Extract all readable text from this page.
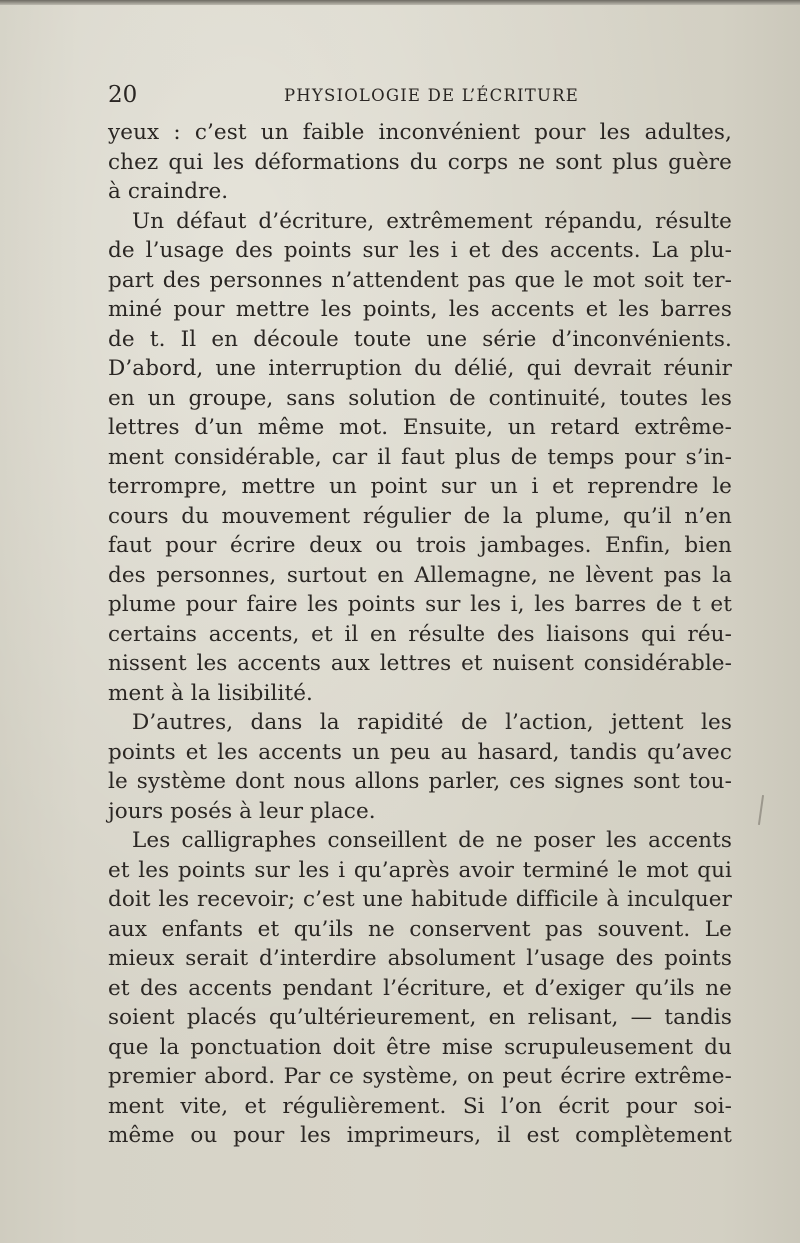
20	PHYSIOLOGIE DE L’ÉCRITURE
yeux : c’est un faible inconvénient pour les adultes,
chez qui les déformations du corps ne sont plus guère
à craindre.
Un défaut d’écriture, extrêmement répandu, résulte
de l’usage des points sur les i et des accents. La plu-
part des personnes n’attendent pas que le mot soit ter-
miné pour mettre les points, les accents et les barres
de t. Il en découle toute une série d’inconvénients.
D’abord, une interruption du délié, qui devrait réunir
en un groupe, sans solution de continuité, toutes les
lettres d’un même mot. Ensuite, un retard extrême-
ment considérable, car il faut plus de temps pour s’in-
terrompre, mettre un point sur un i et reprendre le
cours du mouvement régulier de la plume, qu’il n’en
faut pour écrire deux ou trois jambages. Enfin, bien
des personnes, surtout en Allemagne, ne lèvent pas la
plume pour faire les points sur les i, les barres de t et
certains accents, et il en résulte des liaisons qui réu-
nissent les accents aux lettres et nuisent considérable-
ment à la lisibilité.
D’autres, dans la rapidité de l’action, jettent les
points et les accents un peu au hasard, tandis qu’avec
le système dont nous allons parler, ces signes sont tou-
jours posés à leur place.
Les calligraphes conseillent de ne poser les accents
et les points sur les i qu’après avoir terminé le mot qui
doit les recevoir; c’est une habitude difficile à inculquer
aux enfants et qu’ils ne conservent pas souvent. Le
mieux serait d’interdire absolument l’usage des points
et des accents pendant l’écriture, et d’exiger qu’ils ne
soient placés qu’ultérieurement, en relisant, — tandis
que la ponctuation doit être mise scrupuleusement du
premier abord. Par ce système, on peut écrire extrême-
ment vite, et régulièrement. Si l’on écrit pour soi-
même ou pour les imprimeurs, il est complètement
